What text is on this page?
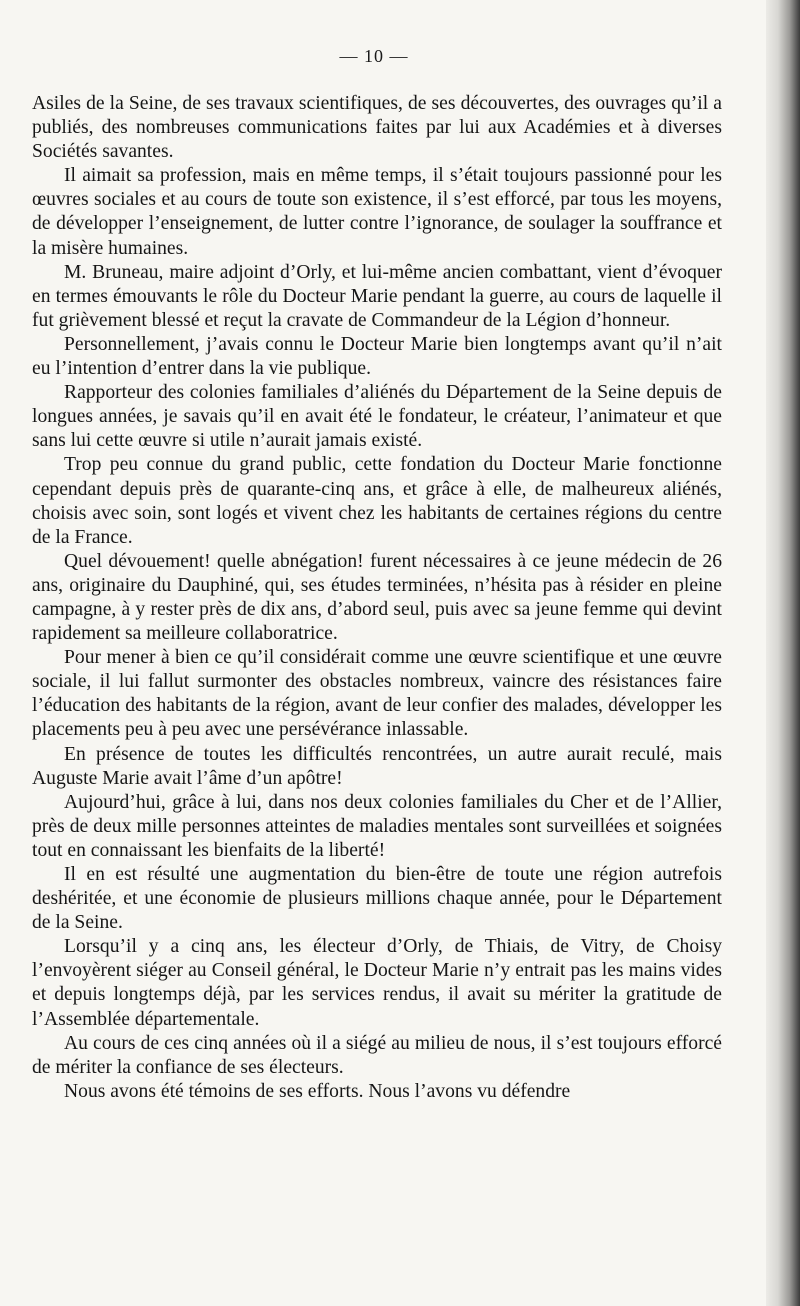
— 10 —

Asiles de la Seine, de ses travaux scientifiques, de ses découvertes, des ouvrages qu’il a publiés, des nombreuses communications faites par lui aux Académies et à diverses Sociétés savantes.

Il aimait sa profession, mais en même temps, il s’était toujours passionné pour les œuvres sociales et au cours de toute son existence, il s’est efforcé, par tous les moyens, de développer l’enseignement, de lutter contre l’ignorance, de soulager la souffrance et la misère humaines.

M. Bruneau, maire adjoint d’Orly, et lui-même ancien combattant, vient d’évoquer en termes émouvants le rôle du Docteur Marie pendant la guerre, au cours de laquelle il fut grièvement blessé et reçut la cravate de Commandeur de la Légion d’honneur.

Personnellement, j’avais connu le Docteur Marie bien longtemps avant qu’il n’ait eu l’intention d’entrer dans la vie publique.

Rapporteur des colonies familiales d’aliénés du Département de la Seine depuis de longues années, je savais qu’il en avait été le fondateur, le créateur, l’animateur et que sans lui cette œuvre si utile n’aurait jamais existé.

Trop peu connue du grand public, cette fondation du Docteur Marie fonctionne cependant depuis près de quarante-cinq ans, et grâce à elle, de malheureux aliénés, choisis avec soin, sont logés et vivent chez les habitants de certaines régions du centre de la France.

Quel dévouement! quelle abnégation! furent nécessaires à ce jeune médecin de 26 ans, originaire du Dauphiné, qui, ses études terminées, n’hésita pas à résider en pleine campagne, à y rester près de dix ans, d’abord seul, puis avec sa jeune femme qui devint rapidement sa meilleure collaboratrice.

Pour mener à bien ce qu’il considérait comme une œuvre scientifique et une œuvre sociale, il lui fallut surmonter des obstacles nombreux, vaincre des résistances faire l’éducation des habitants de la région, avant de leur confier des malades, développer les placements peu à peu avec une persévérance inlassable.

En présence de toutes les difficultés rencontrées, un autre aurait reculé, mais Auguste Marie avait l’âme d’un apôtre!

Aujourd’hui, grâce à lui, dans nos deux colonies familiales du Cher et de l’Allier, près de deux mille personnes atteintes de maladies mentales sont surveillées et soignées tout en connaissant les bienfaits de la liberté!

Il en est résulté une augmentation du bien-être de toute une région autrefois deshéritée, et une économie de plusieurs millions chaque année, pour le Département de la Seine.

Lorsqu’il y a cinq ans, les électeur d’Orly, de Thiais, de Vitry, de Choisy l’envoyèrent siéger au Conseil général, le Docteur Marie n’y entrait pas les mains vides et depuis longtemps déjà, par les services rendus, il avait su mériter la gratitude de l’Assemblée départementale.

Au cours de ces cinq années où il a siégé au milieu de nous, il s’est toujours efforcé de mériter la confiance de ses électeurs.

Nous avons été témoins de ses efforts. Nous l’avons vu défendre
